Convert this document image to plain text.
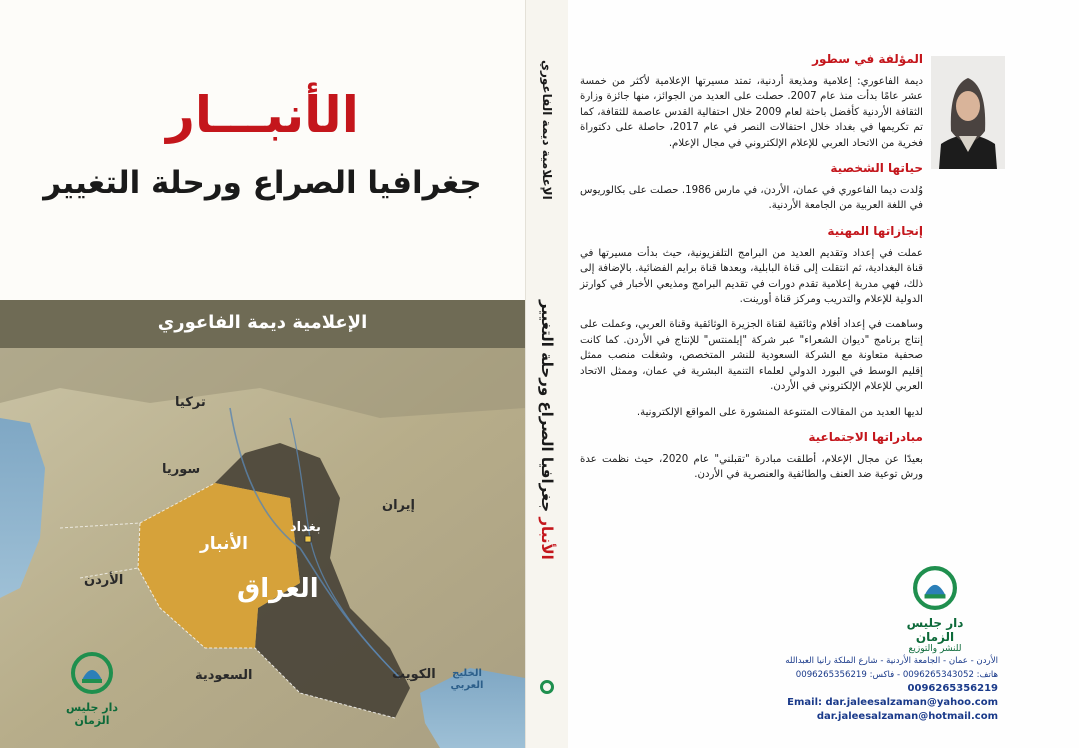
الأنبـــار
جغرافيا الصراع ورحلة التغيير
الإعلامية ديمة الفاعوري
تركيا
سوريا
إيران
الأردن
السعودية	الكويت	الخليج العربي
بغداد
الأنبار
العراق
دار جليس الزمان
الإعلامية ديمة الفاعوري
الأنبار جغرافيا الصراع ورحلة التغيير
المؤلفة في سطور

ديمة الفاعوري: إعلامية ومذيعة أردنية، تمتد مسيرتها الإعلامية لأكثر من خمسة عشر عامًا بدأت منذ عام 2007. حصلت على العديد من الجوائز، منها جائزة وزارة الثقافة الأردنية كأفضل باحثة لعام 2009 خلال احتفالية القدس عاصمة للثقافة، كما تم تكريمها في بغداد خلال احتفالات النصر في عام 2017، حاصلة على دكتوراة فخرية من الاتحاد العربي للإعلام الإلكتروني في مجال الإعلام.

حياتها الشخصية

وُلدت ديما الفاعوري في عمان، الأردن، في مارس 1986. حصلت على بكالوريوس في اللغة العربية من الجامعة الأردنية.

إنجازاتها المهنية

عملت في إعداد وتقديم العديد من البرامج التلفزيونية، حيث بدأت مسيرتها في قناة البغدادية، ثم انتقلت إلى قناة البابلية، وبعدها قناة برايم الفضائية. بالإضافة إلى ذلك، فهي مدربة إعلامية تقدم دورات في تقديم البرامج ومذيعي الأخبار في كوارتز الدولية للإعلام والتدريب ومركز قناة أورينت.

وساهمت في إعداد أفلام وثائقية لقناة الجزيرة الوثائقية وقناة العربي، وعملت على إنتاج برنامج "ديوان الشعراء" عبر شركة "إيلمنتس" للإنتاج في الأردن. كما كانت صحفية متعاونة مع الشركة السعودية للنشر المتخصص، وشغلت منصب ممثل إقليم الوسط في البورد الدولي لعلماء التنمية البشرية في عمان، وممثل الاتحاد العربي للإعلام الإلكتروني في الأردن.

لديها العديد من المقالات المتنوعة المنشورة على المواقع الإلكترونية.

مبادراتها الاجتماعية

بعيدًا عن مجال الإعلام، أطلقت مبادرة "تقبلني" عام 2020، حيث نظمت عدة ورش توعية ضد العنف والطائفية والعنصرية في الأردن.

دار جليس الزمان
للنشر والتوزيع
الأردن - عمان - الجامعة الأردنية - شارع الملكة رانيا العبدالله
هاتف: 0096265343052 - فاكس: 0096265356219
0096265356219
Email: dar.jaleesalzaman@yahoo.com
dar.jaleesalzaman@hotmail.com
